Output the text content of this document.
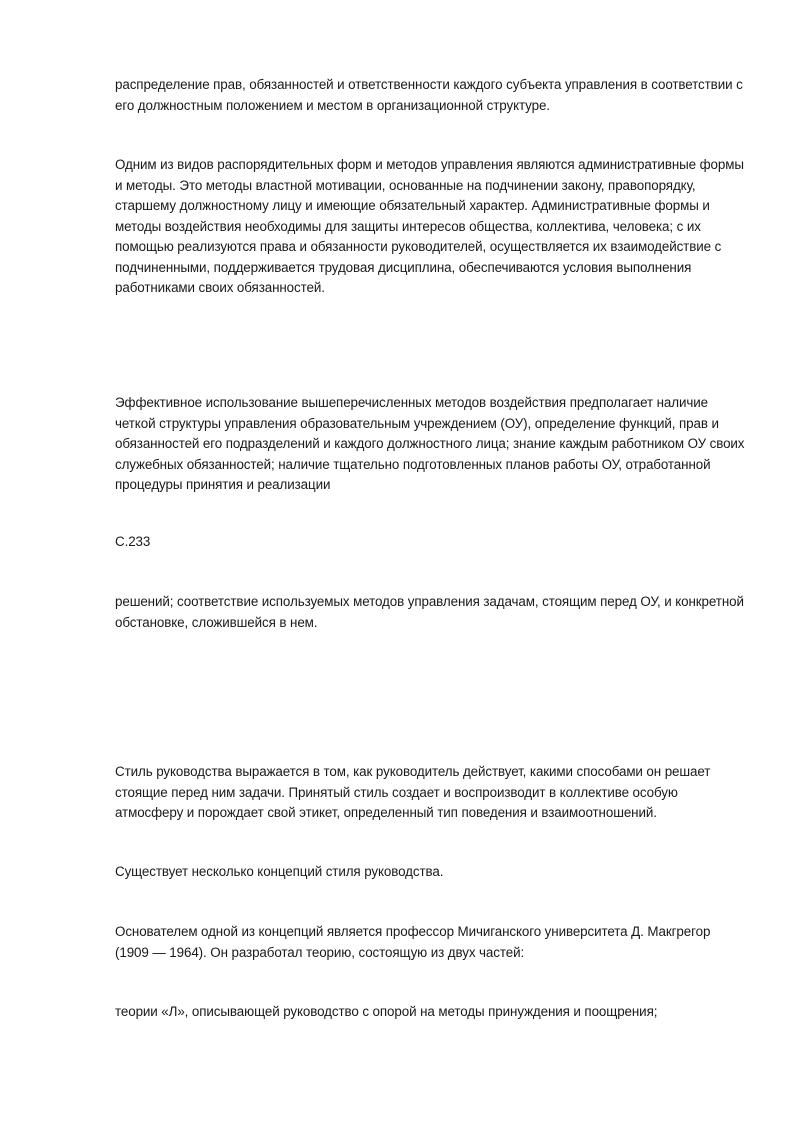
распределение прав, обязанностей и ответственности каждого субъекта управления в соответствии с его должностным положением и местом в организационной структуре.

Одним из видов распорядительных форм и методов управления являются административные формы и методы. Это методы властной мотивации, основанные на подчинении закону, правопорядку, старшему должностному лицу и имеющие обязательный характер. Административные формы и методы воздействия необходимы для защиты интересов общества, коллектива, человека; с их помощью реализуются права и обязанности руководителей, осуществляется их взаимодействие с подчиненными, поддерживается трудовая дисциплина, обеспечиваются условия выполнения работниками своих обязанностей.

Эффективное использование вышеперечисленных методов воздействия предполагает наличие четкой структуры управления образовательным учреждением (ОУ), определение функций, прав и обязанностей его подразделений и каждого должностного лица; знание каждым работником ОУ своих служебных обязанностей; наличие тщательно подготовленных планов работы ОУ, отработанной процедуры принятия и реализации

С.233

решений; соответствие используемых методов управления задачам, стоящим перед ОУ, и конкретной обстановке, сложившейся в нем.

Стиль руководства выражается в том, как руководитель действует, какими способами он решает стоящие перед ним задачи. Принятый стиль создает и воспроизводит в коллективе особую атмосферу и порождает свой этикет, определенный тип поведения и взаимоотношений.

Существует несколько концепций стиля руководства.

Основателем одной из концепций является профессор Мичиганского университета Д. Макгрегор (1909 — 1964). Он разработал теорию, состоящую из двух частей:

теории «Л», описывающей руководство с опорой на методы принуждения и поощрения;
